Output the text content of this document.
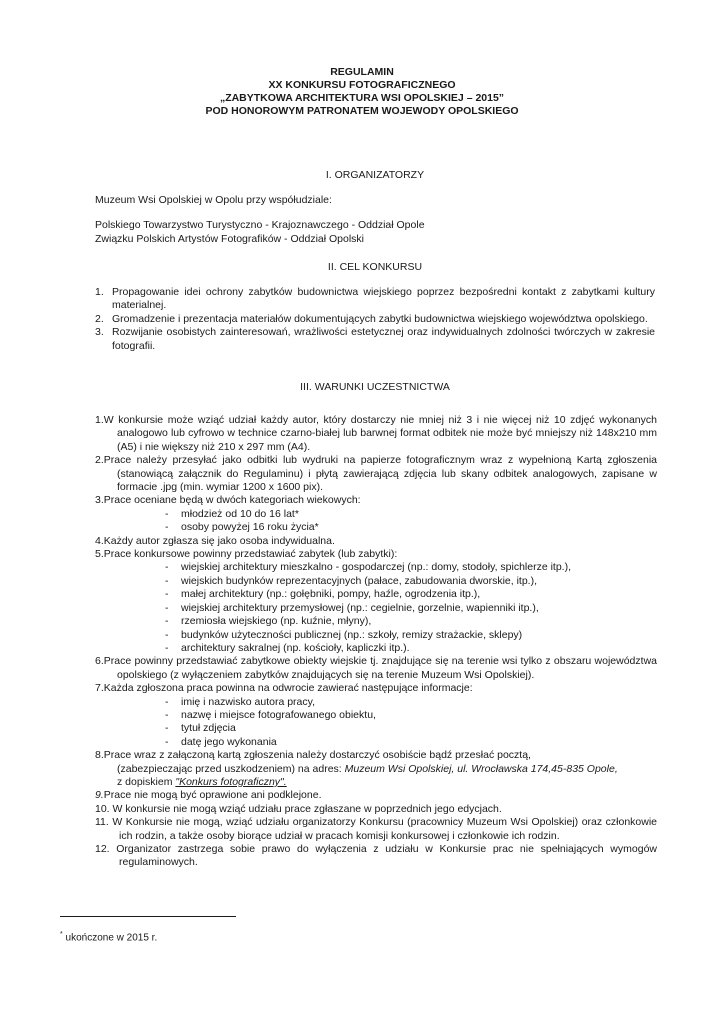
REGULAMIN
XX KONKURSU FOTOGRAFICZNEGO
„ZABYTKOWA ARCHITEKTURA WSI OPOLSKIEJ – 2015”
POD HONOROWYM PATRONATEM WOJEWODY OPOLSKIEGO
I. ORGANIZATORZY
Muzeum Wsi Opolskiej w Opolu przy współudziale:
Polskiego Towarzystwo Turystyczno - Krajoznawczego - Oddział Opole
Związku Polskich Artystów Fotografików - Oddział Opolski
II. CEL KONKURSU
1. Propagowanie idei ochrony zabytków budownictwa wiejskiego poprzez bezpośredni kontakt z zabytkami kultury materialnej.
2. Gromadzenie i prezentacja materiałów dokumentujących zabytki budownictwa wiejskiego województwa opolskiego.
3. Rozwijanie osobistych zainteresowań, wrażliwości estetycznej oraz indywidualnych zdolności twórczych w zakresie fotografii.
III. WARUNKI UCZESTNICTWA
1.W konkursie może wziąć udział każdy autor, który dostarczy nie mniej niż 3 i nie więcej niż 10 zdjęć wykonanych analogowo lub cyfrowo w technice czarno-białej lub barwnej format odbitek nie może być mniejszy niż 148x210 mm (A5) i nie większy niż 210 x 297 mm (A4).
2.Prace należy przesyłać jako odbitki lub wydruki na papierze fotograficznym wraz z wypełnioną Kartą zgłoszenia (stanowiącą załącznik do Regulaminu) i płytą zawierającą zdjęcia lub skany odbitek analogowych, zapisane w formacie .jpg (min. wymiar 1200 x 1600 pix).
3.Prace oceniane będą w dwóch kategoriach wiekowych:
- młodzież od 10 do 16 lat*
- osoby powyżej 16 roku życia*
4.Każdy autor zgłasza się jako osoba indywidualna.
5.Prace konkursowe powinny przedstawiać zabytek (lub zabytki):
- wiejskiej architektury mieszkalno - gospodarczej (np.: domy, stodoły, spichlerze itp.),
- wiejskich budynków reprezentacyjnych (pałace, zabudowania dworskie, itp.),
- małej architektury (np.: gołębniki, pompy, haźle, ogrodzenia itp.),
- wiejskiej architektury przemysłowej (np.: cegielnie, gorzelnie, wapienniki itp.),
- rzemiosła wiejskiego (np. kuźnie, młyny),
- budynków użyteczności publicznej (np.: szkoły, remizy strażackie, sklepy)
- architektury sakralnej (np. kościoły, kapliczki itp.).
6.Prace powinny przedstawiać zabytkowe obiekty wiejskie tj. znajdujące się na terenie wsi tylko z obszaru województwa opolskiego (z wyłączeniem zabytków znajdujących się na terenie Muzeum Wsi Opolskiej).
7.Każda zgłoszona praca powinna na odwrocie zawierać następujące informacje:
- imię i nazwisko autora pracy,
- nazwę i miejsce fotografowanego obiektu,
- tytuł zdjęcia
- datę jego wykonania
8.Prace wraz z załączoną kartą zgłoszenia należy dostarczyć osobiście bądź przesłać pocztą,
(zabezpieczając przed uszkodzeniem) na adres: Muzeum Wsi Opolskiej, ul. Wrocławska 174,45-835 Opole,
z dopiskiem "Konkurs fotograficzny".
9.Prace nie mogą być oprawione ani podklejone.
10. W konkursie nie mogą wziąć udziału prace zgłaszane w poprzednich jego edycjach.
11. W Konkursie nie mogą, wziąć udziału organizatorzy Konkursu (pracownicy Muzeum Wsi Opolskiej) oraz członkowie ich rodzin, a także osoby biorące udział w pracach komisji konkursowej i członkowie ich rodzin.
12. Organizator zastrzega sobie prawo do wyłączenia z udziału w Konkursie prac nie spełniających wymogów regulaminowych.
* ukończone w 2015 r.
